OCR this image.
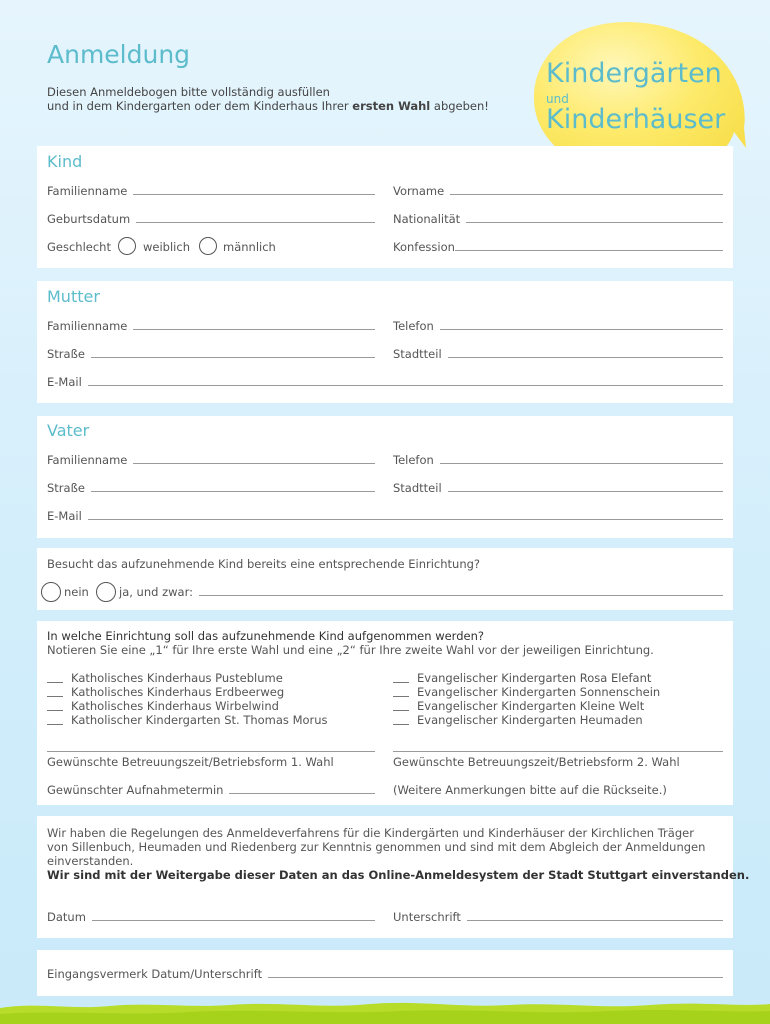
Kindergärten
und
Kinderhäuser
Anmeldung
Diesen Anmeldebogen bitte vollständig ausfüllen
und in dem Kindergarten oder dem Kinderhaus Ihrer ersten Wahl abgeben!
Kind
Familienname	Vorname
Geburtsdatum	Nationalität
Geschlecht	weiblich	männlich	Konfession
Mutter
Familienname	Telefon
Straße	Stadtteil
E-Mail
Vater
Familienname	Telefon
Straße	Stadtteil
E-Mail
Besucht das aufzunehmende Kind bereits eine entsprechende Einrichtung?
nein	ja, und zwar:
In welche Einrichtung soll das aufzunehmende Kind aufgenommen werden?
Notieren Sie eine „1“ für Ihre erste Wahl und eine „2“ für Ihre zweite Wahl vor der jeweiligen Einrichtung.
Katholisches Kinderhaus Pusteblume
Katholisches Kinderhaus Erdbeerweg
Katholisches Kinderhaus Wirbelwind
Katholischer Kindergarten St. Thomas Morus
Evangelischer Kindergarten Rosa Elefant
Evangelischer Kindergarten Sonnenschein
Evangelischer Kindergarten Kleine Welt
Evangelischer Kindergarten Heumaden
Gewünschte Betreuungszeit/Betriebsform 1. Wahl	Gewünschte Betreuungszeit/Betriebsform 2. Wahl
Gewünschter Aufnahmetermin	(Weitere Anmerkungen bitte auf die Rückseite.)
Wir haben die Regelungen des Anmeldeverfahrens für die Kindergärten und Kinderhäuser der Kirchlichen Träger
von Sillenbuch, Heumaden und Riedenberg zur Kenntnis genommen und sind mit dem Abgleich der Anmeldungen
einverstanden.
Wir sind mit der Weitergabe dieser Daten an das Online-Anmeldesystem der Stadt Stuttgart einverstanden.
Datum	Unterschrift
Eingangsvermerk Datum/Unterschrift
